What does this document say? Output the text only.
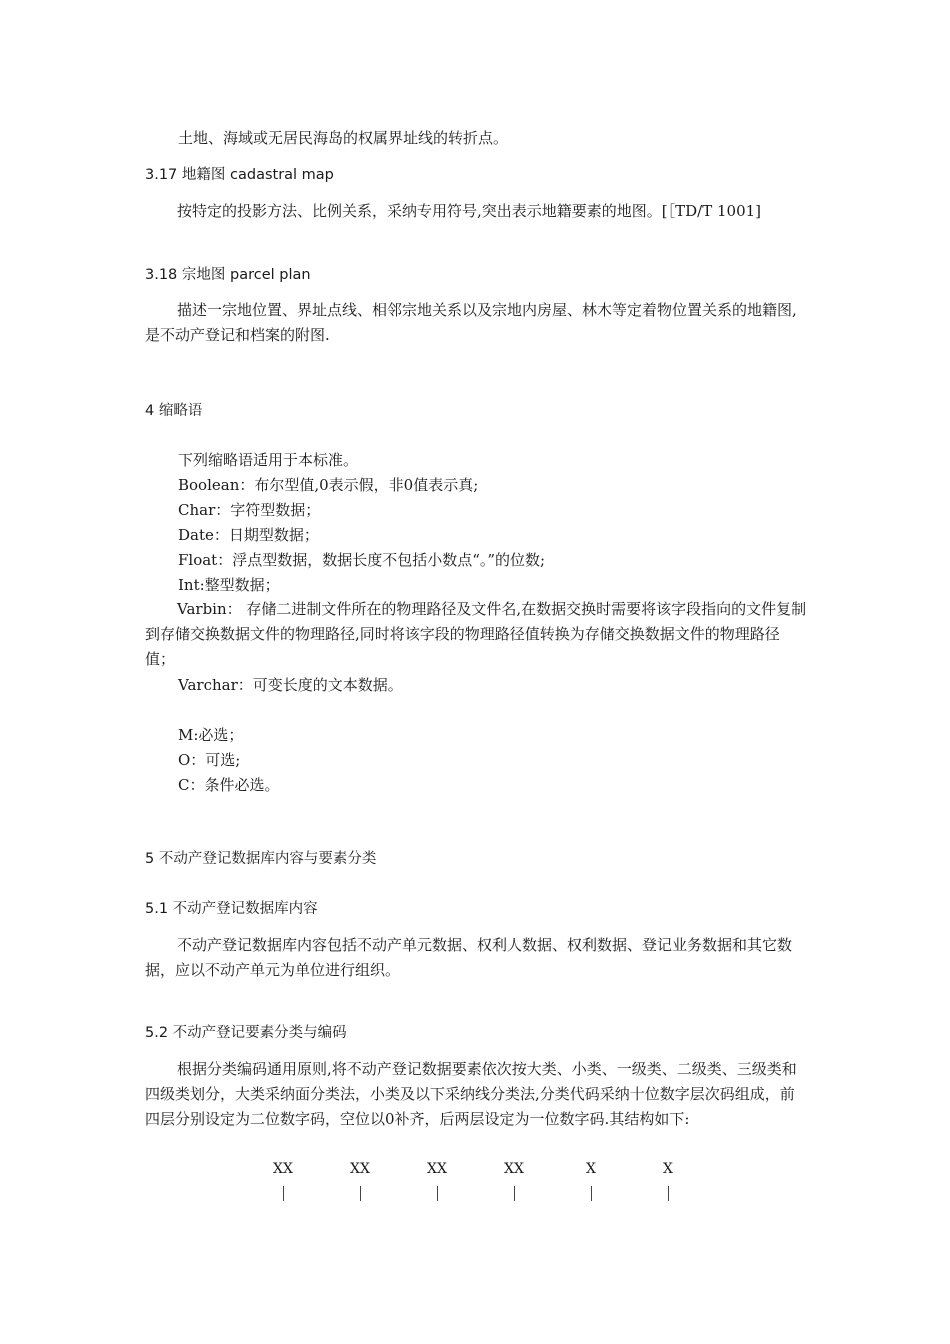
土地、海域或无居民海岛的权属界址线的转折点。
3.17 地籍图 cadastral map
按特定的投影方法、比例关系，采纳专用符号,突出表示地籍要素的地图。[［TD/T 1001]
3.18 宗地图 parcel plan
描述一宗地位置、界址点线、相邻宗地关系以及宗地内房屋、林木等定着物位置关系的地籍图,是不动产登记和档案的附图.
4 缩略语
下列缩略语适用于本标准。
Boolean：布尔型值,0表示假，非0值表示真;
Char：字符型数据；
Date：日期型数据；
Float：浮点型数据，数据长度不包括小数点“。”的位数;
Int:整型数据；
Varbin： 存储二进制文件所在的物理路径及文件名,在数据交换时需要将该字段指向的文件复制到存储交换数据文件的物理路径,同时将该字段的物理路径值转换为存储交换数据文件的物理路径值；
Varchar：可变长度的文本数据。
M:必选；
O：可选;
C：条件必选。
5 不动产登记数据库内容与要素分类
5.1 不动产登记数据库内容
不动产登记数据库内容包括不动产单元数据、权利人数据、权利数据、登记业务数据和其它数据，应以不动产单元为单位进行组织。
5.2 不动产登记要素分类与编码
根据分类编码通用原则,将不动产登记数据要素依次按大类、小类、一级类、二级类、三级类和四级类划分，大类采纳面分类法，小类及以下采纳线分类法,分类代码采纳十位数字层次码组成，前四层分别设定为二位数字码，空位以0补齐，后两层设定为一位数字码.其结构如下:
XX	XX	XX	XX	X	X
